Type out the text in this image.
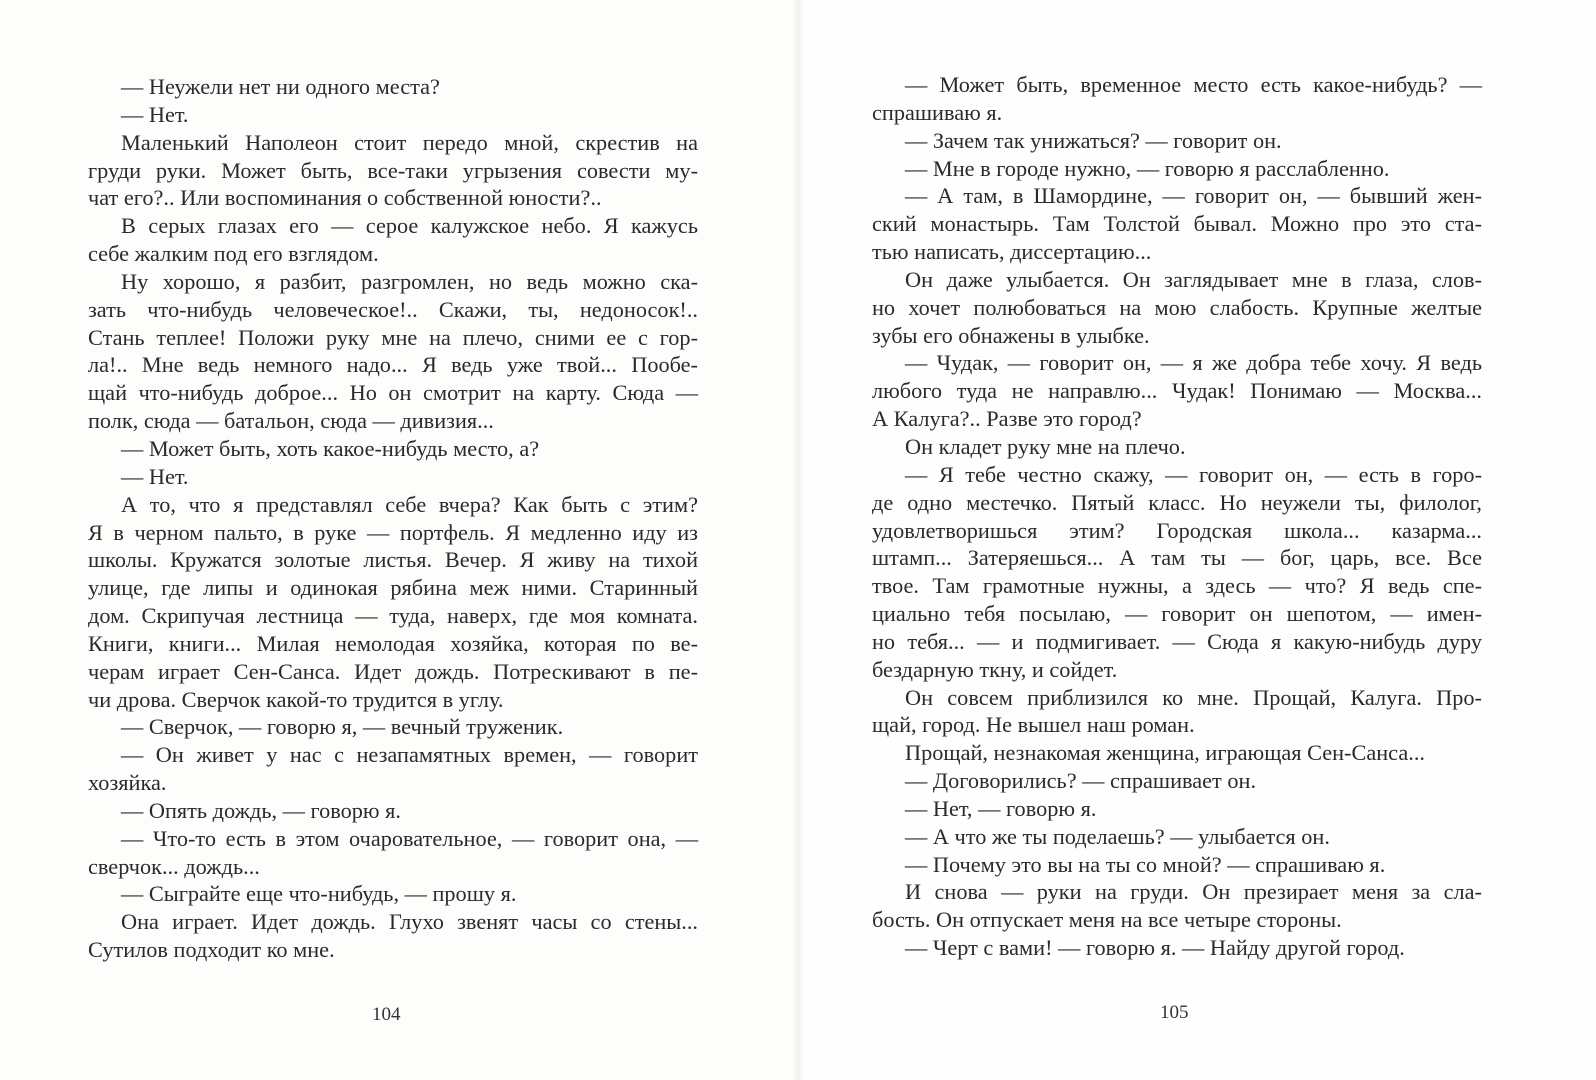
— Неужели нет ни одного места?
— Нет.
Маленький Наполеон стоит передо мной, скрестив на
груди руки. Может быть, все-таки угрызения совести му-
чат его?.. Или воспоминания о собственной юности?..
В серых глазах его — серое калужское небо. Я кажусь
себе жалким под его взглядом.
Ну хорошо, я разбит, разгромлен, но ведь можно ска-
зать что-нибудь человеческое!.. Скажи, ты, недоносок!..
Стань теплее! Положи руку мне на плечо, сними ее с гор-
ла!.. Мне ведь немного надо... Я ведь уже твой... Пообе-
щай что-нибудь доброе... Но он смотрит на карту. Сюда —
полк, сюда — батальон, сюда — дивизия...
— Может быть, хоть какое-нибудь место, а?
— Нет.
А то, что я представлял себе вчера? Как быть с этим?
Я в черном пальто, в руке — портфель. Я медленно иду из
школы. Кружатся золотые листья. Вечер. Я живу на тихой
улице, где липы и одинокая рябина меж ними. Старинный
дом. Скрипучая лестница — туда, наверх, где моя комната.
Книги, книги... Милая немолодая хозяйка, которая по ве-
черам играет Сен-Санса. Идет дождь. Потрескивают в пе-
чи дрова. Сверчок какой-то трудится в углу.
— Сверчок, — говорю я, — вечный труженик.
— Он живет у нас с незапамятных времен, — говорит
хозяйка.
— Опять дождь, — говорю я.
— Что-то есть в этом очаровательное, — говорит она, —
сверчок... дождь...
— Сыграйте еще что-нибудь, — прошу я.
Она играет. Идет дождь. Глухо звенят часы со стены...
Сутилов подходит ко мне.
104
— Может быть, временное место есть какое-нибудь? —
спрашиваю я.
— Зачем так унижаться? — говорит он.
— Мне в городе нужно, — говорю я расслабленно.
— А там, в Шамордине, — говорит он, — бывший жен-
ский монастырь. Там Толстой бывал. Можно про это ста-
тью написать, диссертацию...
Он даже улыбается. Он заглядывает мне в глаза, слов-
но хочет полюбоваться на мою слабость. Крупные желтые
зубы его обнажены в улыбке.
— Чудак, — говорит он, — я же добра тебе хочу. Я ведь
любого туда не направлю... Чудак! Понимаю — Москва...
А Калуга?.. Разве это город?
Он кладет руку мне на плечо.
— Я тебе честно скажу, — говорит он, — есть в горо-
де одно местечко. Пятый класс. Но неужели ты, филолог,
удовлетворишься этим? Городская школа... казарма...
штамп... Затеряешься... А там ты — бог, царь, все. Все
твое. Там грамотные нужны, а здесь — что? Я ведь спе-
циально тебя посылаю, — говорит он шепотом, — имен-
но тебя... — и подмигивает. — Сюда я какую-нибудь дуру
бездарную ткну, и сойдет.
Он совсем приблизился ко мне. Прощай, Калуга. Про-
щай, город. Не вышел наш роман.
Прощай, незнакомая женщина, играющая Сен-Санса...
— Договорились? — спрашивает он.
— Нет, — говорю я.
— А что же ты поделаешь? — улыбается он.
— Почему это вы на ты со мной? — спрашиваю я.
И снова — руки на груди. Он презирает меня за сла-
бость. Он отпускает меня на все четыре стороны.
— Черт с вами! — говорю я. — Найду другой город.
105
